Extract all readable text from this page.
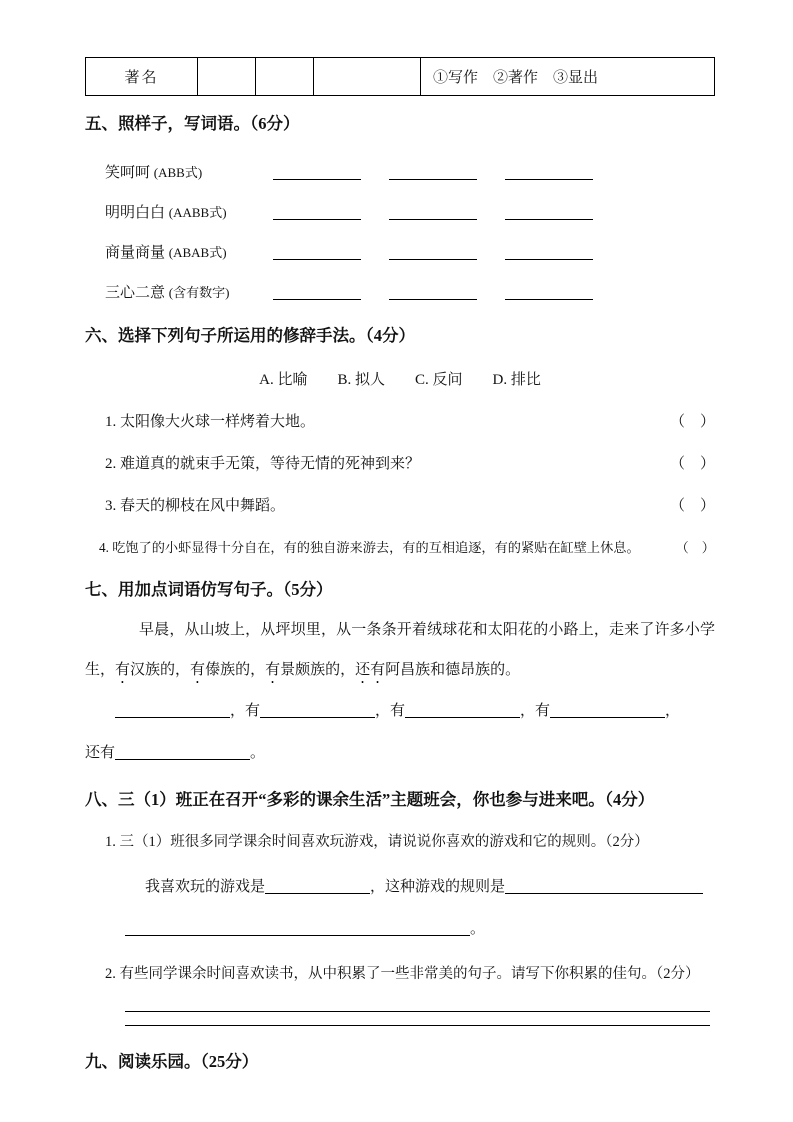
著名				①写作　②著作　③显出
五、照样子，写词语。（6分）
笑呵呵 (ABB式)
明明白白 (AABB式)
商量商量 (ABAB式)
三心二意 (含有数字)
六、选择下列句子所运用的修辞手法。（4分）
A. 比喻 B. 拟人 C. 反问 D. 排比
1. 太阳像大火球一样烤着大地。	（　）
2. 难道真的就束手无策，等待无情的死神到来？	（　）
3. 春天的柳枝在风中舞蹈。	（　）
4. 吃饱了的小虾显得十分自在，有的独自游来游去，有的互相追逐，有的紧贴在缸壁上休息。	（　）
七、用加点词语仿写句子。（5分）

早晨，从山坡上，从坪坝里，从一条条开着绒球花和太阳花的小路上，走来了许多小学生，有汉族的，有傣族的，有景颇族的，还有阿昌族和德昂族的。

，有	，有	，有	，
还有	。
八、三（1）班正在召开“多彩的课余生活”主题班会，你也参与进来吧。（4分）
1. 三（1）班很多同学课余时间喜欢玩游戏，请说说你喜欢的游戏和它的规则。（2分）
我喜欢玩的游戏是	，这种游戏的规则是
。
2. 有些同学课余时间喜欢读书，从中积累了一些非常美的句子。请写下你积累的佳句。（2分）
九、阅读乐园。（25分）
